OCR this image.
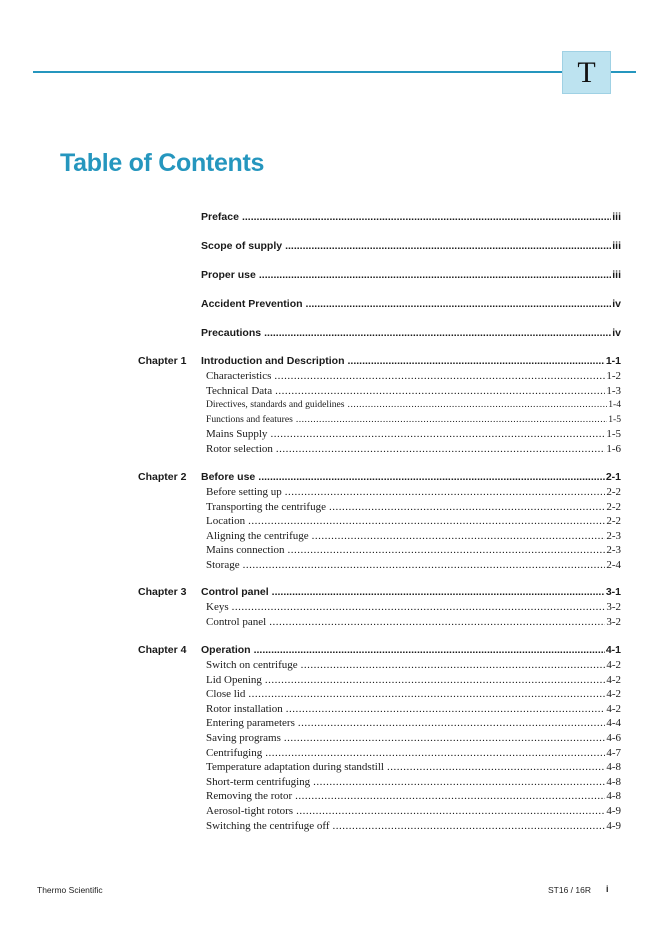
T
Table of Contents
Preface .....	iii
Scope of supply .....	iii
Proper use .....	iii
Accident Prevention .....	iv
Precautions .....	iv
Chapter 1 Introduction and Description .....	1-1
Characteristics .....	1-2
Technical Data .....	1-3
Directives, standards and guidelines .....	1-4
Functions and features .....	1-5
Mains Supply .....	1-5
Rotor selection .....	1-6
Chapter 2 Before use .....	2-1
Before setting up .....	2-2
Transporting the centrifuge .....	2-2
Location .....	2-2
Aligning the centrifuge .....	2-3
Mains connection .....	2-3
Storage .....	2-4
Chapter 3 Control panel .....	3-1
Keys .....	3-2
Control panel .....	3-2
Chapter 4 Operation .....	4-1
Switch on centrifuge .....	4-2
Lid Opening .....	4-2
Close lid .....	4-2
Rotor installation .....	4-2
Entering parameters .....	4-4
Saving programs .....	4-6
Centrifuging .....	4-7
Temperature adaptation during standstill .....	4-8
Short-term centrifuging .....	4-8
Removing the rotor .....	4-8
Aerosol-tight rotors .....	4-9
Switching the centrifuge off .....	4-9
Thermo Scientific	ST16 / 16R i
